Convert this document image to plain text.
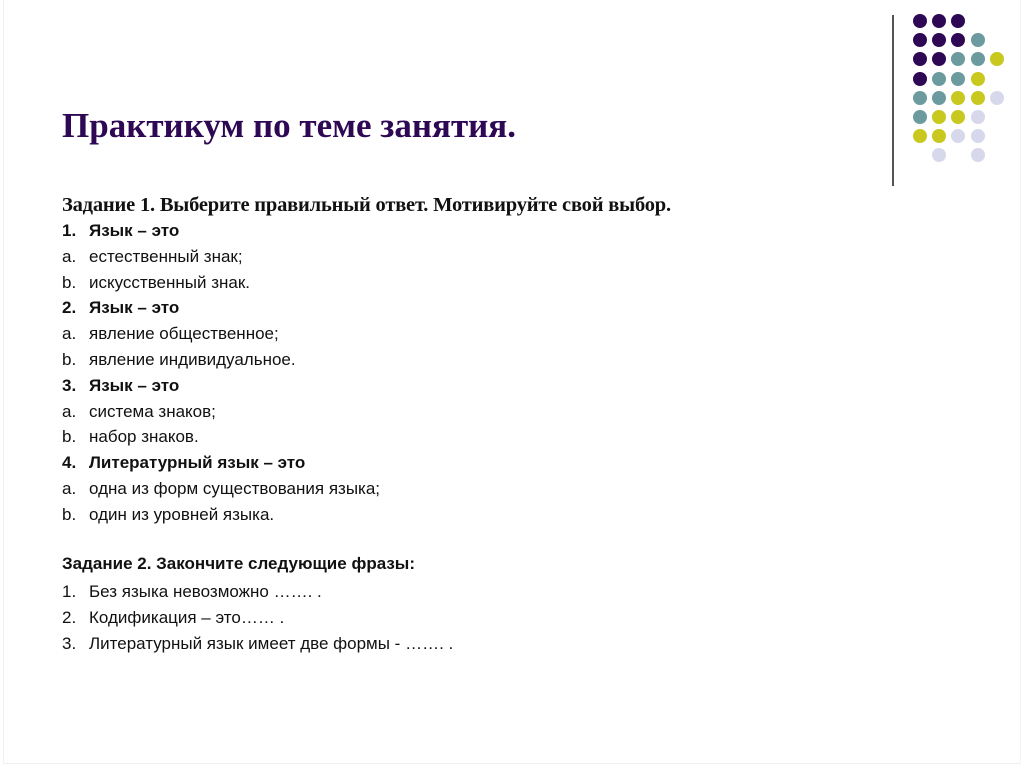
Практикум по теме занятия.
Задание 1. Выберите правильный ответ. Мотивируйте свой выбор.
1. Язык – это
a. естественный знак;
b. искусственный знак.
2. Язык – это
a. явление общественное;
b. явление индивидуальное.
3. Язык – это
a. система знаков;
b. набор знаков.
4. Литературный язык – это
a. одна из форм существования языка;
b. один из уровней языка.
Задание 2. Закончите следующие фразы:
1. Без языка невозможно ……. .
2. Кодификация – это…… .
3. Литературный язык имеет две формы - ……. .
